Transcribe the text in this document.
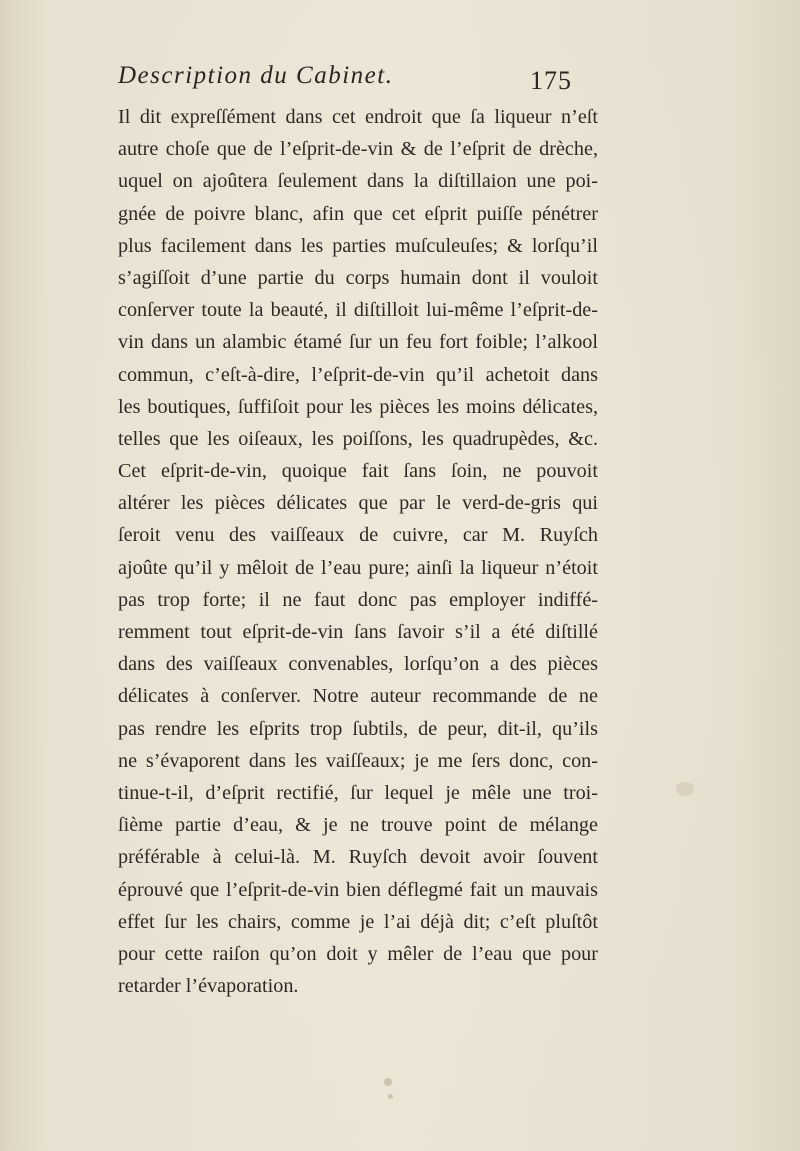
Description du Cabinet.	175
Il dit expreſſément dans cet endroit que ſa liqueur n’eſt
autre choſe que de l’eſprit-de-vin & de l’eſprit de drèche,
uquel on ajoûtera ſeulement dans la diſtillaion une poi-
gnée de poivre blanc, afin que cet eſprit puiſſe pénétrer
plus facilement dans les parties muſculeuſes; & lorſqu’il
s’agiſſoit d’une partie du corps humain dont il vouloit
conſerver toute la beauté, il diſtilloit lui-même l’eſprit-de-
vin dans un alambic étamé ſur un feu fort foible; l’alkool
commun, c’eſt-à-dire, l’eſprit-de-vin qu’il achetoit dans
les boutiques, ſuffiſoit pour les pièces les moins délicates,
telles que les oiſeaux, les poiſſons, les quadrupèdes, &c.
Cet eſprit-de-vin, quoique fait ſans ſoin, ne pouvoit
altérer les pièces délicates que par le verd-de-gris qui
ſeroit venu des vaiſſeaux de cuivre, car M. Ruyſch
ajoûte qu’il y mêloit de l’eau pure; ainſi la liqueur n’étoit
pas trop forte; il ne faut donc pas employer indiffé-
remment tout eſprit-de-vin ſans ſavoir s’il a été diſtillé
dans des vaiſſeaux convenables, lorſqu’on a des pièces
délicates à conſerver. Notre auteur recommande de ne
pas rendre les eſprits trop ſubtils, de peur, dit-il, qu’ils
ne s’évaporent dans les vaiſſeaux; je me ſers donc, con-
tinue-t-il, d’eſprit rectifié, ſur lequel je mêle une troi-
ſième partie d’eau, & je ne trouve point de mélange
préférable à celui-là. M. Ruyſch devoit avoir ſouvent
éprouvé que l’eſprit-de-vin bien déflegmé fait un mauvais
effet ſur les chairs, comme je l’ai déjà dit; c’eſt pluſtôt
pour cette raiſon qu’on doit y mêler de l’eau que pour
retarder l’évaporation.
